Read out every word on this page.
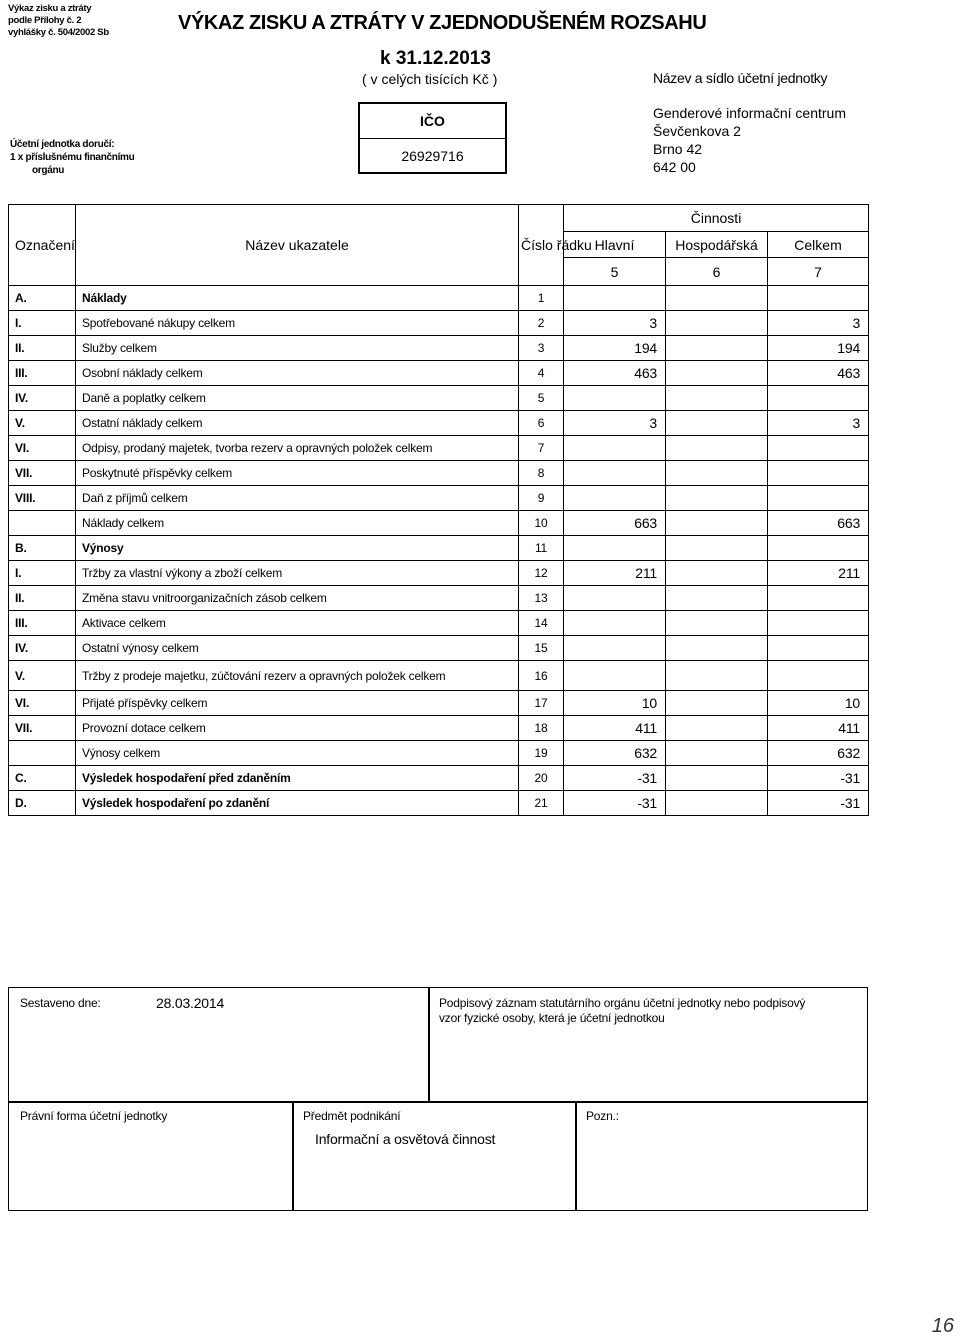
Výkaz zisku a ztráty
podle Přílohy č. 2
vyhlášky č. 504/2002 Sb	VÝKAZ ZISKU A ZTRÁTY V ZJEDNODUŠENÉM ROZSAHU
k 31.12.2013
( v celých tisících Kč )	Název a sídlo účetní jednotky
Genderové informační centrum
Ševčenkova 2
Brno 42
642 00
Účetní jednotka doručí:
1 x příslušnému finančnímu
orgánu
IČO
26929716
Označení	Název ukazatele	Číslo řádku	Činnosti		
			Hlavní	Hospodářská	Celkem
			5	6	7
A.	Náklady	1			
I.	Spotřebované nákupy celkem	2	3		3
II.	Služby celkem	3	194		194
III.	Osobní náklady celkem	4	463		463
IV.	Daně a poplatky celkem	5			
V.	Ostatní náklady celkem	6	3		3
VI.	Odpisy, prodaný majetek, tvorba rezerv a opravných položek celkem	7			
VII.	Poskytnuté příspěvky celkem	8			
VIII.	Daň z příjmů celkem	9			
	Náklady celkem	10	663		663
B.	Výnosy	11			
I.	Tržby za vlastní výkony a zboží celkem	12	211		211
II.	Změna stavu vnitroorganizačních zásob celkem	13			
III.	Aktivace celkem	14			
IV.	Ostatní výnosy celkem	15			
V.	Tržby z prodeje majetku, zúčtování rezerv a opravných položek celkem	16			
VI.	Přijaté příspěvky celkem	17	10		10
VII.	Provozní dotace celkem	18	411		411
	Výnosy celkem	19	632		632
C.	Výsledek hospodaření před zdaněním	20	-31		-31
D.	Výsledek hospodaření po zdanění	21	-31		-31
Sestaveno dne:	28.03.2014	Podpisový záznam statutárního orgánu účetní jednotky nebo podpisový vzor fyzické osoby, která je účetní jednotkou
Právní forma účetní jednotky	Předmět podnikání
Informační a osvětová činnost
Pozn.:
16
